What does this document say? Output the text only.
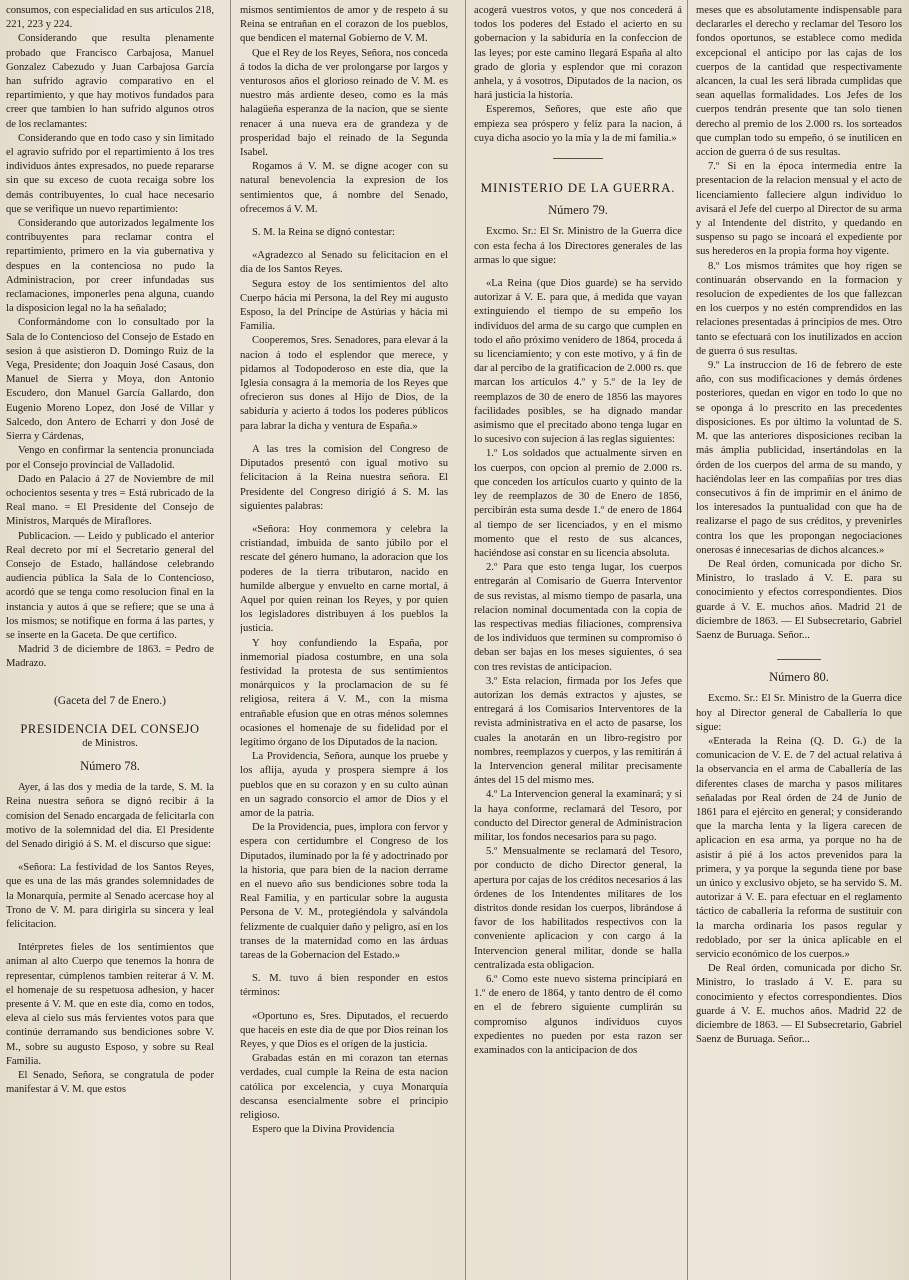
consumos, con especialidad en sus artículos 218, 221, 223 y 224.

Considerando que resulta plenamente probado que Francisco Carbajosa, Manuel Gonzalez Cabezudo y Juan Carbajosa García han sufrido agravio comparativo en el repartimiento, y que hay motivos fundados para creer que tambien lo han sufrido algunos otros de los reclamantes:

Considerando que en todo caso y sin limitado el agravio sufrido por el repartimiento á los tres individuos ántes expresados, no puede repararse sin que su exceso de cuota recaiga sobre los demás contribuyentes, lo cual hace necesario que se verifique un nuevo repartimiento:

Considerando que autorizados legalmente los contribuyentes para reclamar contra el repartimiento, primero en la via gubernativa y despues en la contenciosa no pudo la Administracion, por creer infundadas sus reclamaciones, imponerles pena alguna, cuando la disposicion legal no la ha señalado;

Conformándome con lo consultado por la Sala de lo Contencioso del Consejo de Estado en sesion á que asistieron D. Domingo Ruiz de la Vega, Presidente; don Joaquin José Casaus, don Manuel de Sierra y Moya, don Antonio Escudero, don Manuel García Gallardo, don Eugenio Moreno Lopez, don José de Villar y Salcedo, don Antero de Echarri y don José de Sierra y Cárdenas,

Vengo en confirmar la sentencia pronunciada por el Consejo provincial de Valladolid.

Dado en Palacio á 27 de Noviembre de mil ochocientos sesenta y tres = Está rubricado de la Real mano. = El Presidente del Consejo de Ministros, Marqués de Miraflores.

Publicacion. — Leido y publicado el anterior Real decreto por mí el Secretario general del Consejo de Estado, hallándose celebrando audiencia pública la Sala de lo Contencioso, acordó que se tenga como resolucion final en la instancia y autos á que se refiere; que se una á los mismos; se notifique en forma á las partes, y se inserte en la Gaceta. De que certifico.

Madrid 3 de diciembre de 1863. = Pedro de Madrazo.

(Gaceta del 7 de Enero.)
PRESIDENCIA DEL CONSEJO
de Ministros.
Número 78.

Ayer, á las dos y media de la tarde, S. M. la Reina nuestra señora se dignó recibir á la comision del Senado encargada de felicitarla con motivo de la solemnidad del dia. El Presidente del Senado dirigió á S. M. el discurso que sigue:

«Señora: La festividad de los Santos Reyes, que es una de las más grandes solemnidades de la Monarquía, permite al Senado acercase hoy al Trono de V. M. para dirigirla su sincera y leal felicitacion.

Intérpretes fieles de los sentimientos que animan al alto Cuerpo que tenemos la honra de representar, cúmplenos tambien reiterar á V. M. el homenaje de su respetuosa adhesion, y hacer presente á V. M. que en este dia, como en todos, eleva al cielo sus más fervientes votos para que continúe derramando sus bendiciones sobre V. M., sobre su augusto Esposo, y sobre su Real Familia.

El Senado, Señora, se congratula de poder manifestar á V. M. que estos

mismos sentimientos de amor y de respeto á su Reina se entrañan en el corazon de los pueblos, que bendicen el maternal Gobierno de V. M.

Que el Rey de los Reyes, Señora, nos conceda á todos la dicha de ver prolongarse por largos y venturosos años el glorioso reinado de V. M. es nuestro más ardiente deseo, como es la más halagüeña esperanza de la nacion, que se siente renacer á una nueva era de grandeza y de prosperidad bajo el reinado de la Segunda Isabel.

Rogamos á V. M. se digne acoger con su natural benevolencia la expresion de los sentimientos que, á nombre del Senado, ofrecemos á V. M.

S. M. la Reina se dignó contestar:

«Agradezco al Senado su felicitacion en el dia de los Santos Reyes.

Segura estoy de los sentimientos del alto Cuerpo hácia mi Persona, la del Rey mi augusto Esposo, la del Príncipe de Astúrias y hácia mi Familia.

Cooperemos, Sres. Senadores, para elevar á la nacion á todo el esplendor que merece, y pidamos al Todopoderoso en este dia, que la Iglesia consagra á la memoria de los Reyes que ofrecieron sus dones al Hijo de Dios, de la sabiduría y acierto á todos los poderes públicos para labrar la dicha y ventura de España.»

A las tres la comision del Congreso de Diputados presentó con igual motivo su felicitacion á la Reina nuestra señora. El Presidente del Congreso dirigió á S. M. las siguientes palabras:

«Señora: Hoy conmemora y celebra la cristiandad, imbuida de santo júbilo por el rescate del género humano, la adoracion que los poderes de la tierra tributaron, nacido en humilde albergue y envuelto en carne mortal, á Aquel por quien reinan los Reyes, y por quien los legisladores distribuyen á los pueblos la justicia.

Y hoy confundiendo la España, por inmemorial piadosa costumbre, en una sola festividad la protesta de sus sentimientos monárquicos y la proclamacion de su fé religiosa, reitera á V. M., con la misma entrañable efusion que en otras ménos solemnes ocasiones el homenaje de su fidelidad por el legítimo órgano de los Diputados de la nacion.

La Providencia, Señora, aunque los pruebe y los aflija, ayuda y prospera siempre á los pueblos que en su corazon y en su culto aúnan en un sagrado consorcio el amor de Dios y el amor de la patria.

De la Providencia, pues, implora con fervor y espera con certidumbre el Congreso de los Diputados, iluminado por la fé y adoctrinado por la historia, que para bien de la nacion derrame en el nuevo año sus bendiciones sobre toda la Real Familia, y en particular sobre la augusta Persona de V. M., protegiéndola y salvándola felizmente de cualquier daño y peligro, así en los transes de la maternidad como en las árduas tareas de la Gobernacion del Estado.»

S. M. tuvo á bien responder en estos términos:

«Oportuno es, Sres. Diputados, el recuerdo que haceis en este dia de que por Dios reinan los Reyes, y que Dios es el orígen de la justicia.

Grabadas están en mi corazon tan eternas verdades, cual cumple la Reina de esta nacion católica por excelencia, y cuya Monarquía descansa esencialmente sobre el principio religioso.

Espero que la Divina Providencia

acogerá vuestros votos, y que nos concederá á todos los poderes del Estado el acierto en su gobernacion y la sabiduría en la confeccion de las leyes; por este camino llegará España al alto grado de gloria y esplendor que mi corazon anhela, y á vosotros, Diputados de la nacion, os hará justicia la historia.

Esperemos, Señores, que este año que empieza sea próspero y feliz para la nacion, á cuya dicha asocio yo la mia y la de mi familia.»

MINISTERIO DE LA GUERRA.
Número 79.

Excmo. Sr.: El Sr. Ministro de la Guerra dice con esta fecha á los Directores generales de las armas lo que sigue:

«La Reina (que Dios guarde) se ha servido autorizar á V. E. para que, á medida que vayan extinguiendo el tiempo de su empeño los individuos del arma de su cargo que cumplen en todo el año próximo venidero de 1864, proceda á su licenciamiento; y con este motivo, y á fin de dar al percibo de la gratificacion de 2.000 rs. que marcan los artículos 4.º y 5.º de la ley de reemplazos de 30 de enero de 1856 las mayores facilidades posibles, se ha dignado mandar asimismo que el precitado abono tenga lugar en lo sucesivo con sujecion á las reglas siguientes:

1.º Los soldados que actualmente sirven en los cuerpos, con opcion al premio de 2.000 rs. que conceden los artículos cuarto y quinto de la ley de reemplazos de 30 de Enero de 1856, percibirán esta suma desde 1.º de enero de 1864 al tiempo de ser licenciados, y en el mismo momento que el resto de sus alcances, haciéndose así constar en su licencia absoluta.

2.º Para que esto tenga lugar, los cuerpos entregarán al Comisario de Guerra Interventor de sus revistas, al mismo tiempo de pasarla, una relacion nominal documentada con la copia de las respectivas medias filiaciones, comprensiva de los individuos que terminen su compromiso ó deban ser bajas en los meses siguientes, ó sea con tres revistas de anticipacion.

3.º Esta relacion, firmada por los Jefes que autorizan los demás extractos y ajustes, se entregará á los Comisarios Interventores de la revista administrativa en el acto de pasarse, los cuales la anotarán en un libro-registro por nombres, reemplazos y cuerpos, y las remitirán á la Intervencion general militar precisamente ántes del 15 del mismo mes.

4.º La Intervencion general la examinará; y si la haya conforme, reclamará del Tesoro, por conducto del Director general de Administracion militar, los fondos necesarios para su pago.

5.º Mensualmente se reclamará del Tesoro, por conducto de dicho Director general, la apertura por cajas de los créditos necesarios á las órdenes de los Intendentes militares de los distritos donde residan los cuerpos, librándose á favor de los habilitados respectivos con la conveniente aplicacion y con cargo á la Intervencion general militar, donde se halla centralizada esta obligacion.

6.º Como este nuevo sistema principiará en 1.º de enero de 1864, y tanto dentro de él como en el de febrero siguiente cumplirán su compromiso algunos individuos cuyos expedientes no pueden por esta razon ser examinados con la anticipacion de dos

meses que es absolutamente indispensable para declararles el derecho y reclamar del Tesoro los fondos oportunos, se establece como medida excepcional el anticipo por las cajas de los cuerpos de la cantidad que respectivamente alcancen, la cual les será librada cumplidas que sean aquellas formalidades. Los Jefes de los cuerpos tendrán presente que tan solo tienen derecho al premio de los 2.000 rs. los sorteados que cumplan todo su empeño, ó se inutilicen en accion de guerra ó de sus resultas.

7.º Si en la época intermedia entre la presentacion de la relacion mensual y el acto de licenciamiento falleciere algun individuo lo avisará el Jefe del cuerpo al Director de su arma y al Intendente del distrito, y quedando en suspenso su pago se incoará el expediente por sus herederos en la propia forma hoy vigente.

8.º Los mismos trámites que hoy rigen se continuarán observando en la formacion y resolucion de expedientes de los que fallezcan en los cuerpos y no estén comprendidos en las relaciones presentadas á principios de mes. Otro tanto se efectuará con los inutilizados en accion de guerra ó sus resultas.

9.º La instruccion de 16 de febrero de este año, con sus modificaciones y demás órdenes posteriores, quedan en vigor en todo lo que no se oponga á lo prescrito en las precedentes disposiciones. Es por último la voluntad de S. M. que las anteriores disposiciones reciban la más ámplia publicidad, insertándolas en la órden de los cuerpos del arma de su mando, y haciéndolas leer en las compañías por tres dias consecutivos á fin de imprimir en el ánimo de los interesados la puntualidad con que ha de realizarse el pago de sus créditos, y prevenirles contra los que les propongan negociaciones onerosas é innecesarias de dichos alcances.»

De Real órden, comunicada por dicho Sr. Ministro, lo traslado á V. E. para su conocimiento y efectos correspondientes. Dios guarde á V. E. muchos años. Madrid 21 de diciembre de 1863. — El Subsecretario, Gabriel Saenz de Buruaga. Señor...

Número 80.

Excmo. Sr.: El Sr. Ministro de la Guerra dice hoy al Director general de Caballería lo que sigue:

«Enterada la Reina (Q. D. G.) de la comunicacion de V. E. de 7 del actual relativa á la observancia en el arma de Caballería de las diferentes clases de marcha y pasos militares señaladas por Real órden de 24 de Junio de 1861 para el ejército en general; y considerando que la marcha lenta y la ligera carecen de aplicacion en esa arma, ya porque no ha de asistir á pié á los actos prevenidos para la primera, y ya porque la segunda tiene por base un único y exclusivo objeto, se ha servido S. M. autorizar á V. E. para efectuar en el reglamento táctico de caballería la reforma de sustituir con la marcha ordinaria los pasos regular y redoblado, por ser la única aplicable en el servicio económico de los cuerpos.»

De Real órden, comunicada por dicho Sr. Ministro, lo traslado á V. E. para su conocimiento y efectos correspondientes. Dios guarde á V. E. muchos años. Madrid 22 de diciembre de 1863. — El Subsecretario, Gabriel Saenz de Buruaga. Señor...
